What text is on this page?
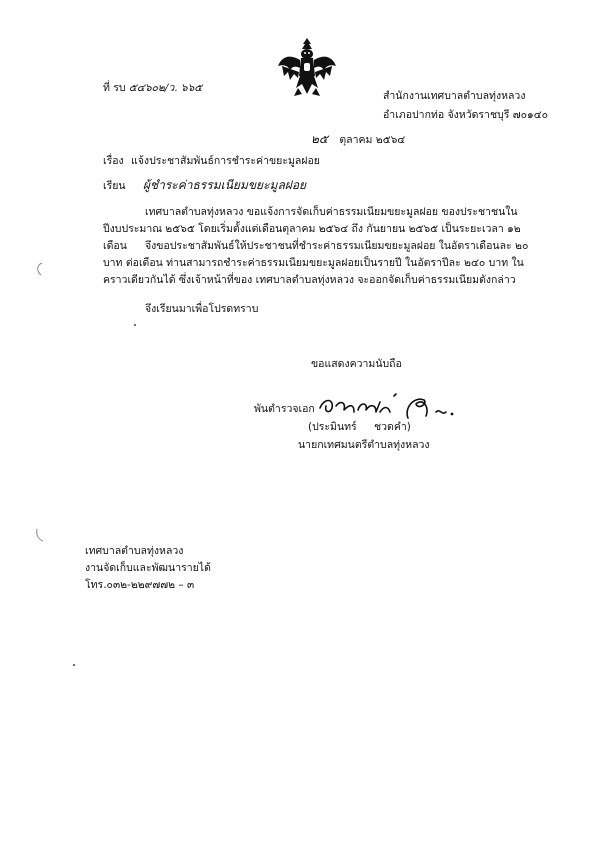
ที่ รบ ๕๔๖๐๒/ว. ๖๖๕
สำนักงานเทศบาลตำบลทุ่งหลวง
อำเภอปากท่อ จังหวัดราชบุรี ๗๐๑๔๐
๒๕ ตุลาคม ๒๕๖๔
เรื่อง แจ้งประชาสัมพันธ์การชำระค่าขยะมูลฝอย
เรียน ผู้ชำระค่าธรรมเนียมขยะมูลฝอย
เทศบาลตำบลทุ่งหลวง ขอแจ้งการจัดเก็บค่าธรรมเนียมขยะมูลฝอย ของประชาชนในปีงบประมาณ ๒๕๖๕ โดยเริ่มตั้งแต่เดือนตุลาคม ๒๕๖๔ ถึง กันยายน ๒๕๖๕ เป็นระยะเวลา ๑๒ เดือน	จึงขอประชาสัมพันธ์ให้ประชาชนที่ชำระค่าธรรมเนียมขยะมูลฝอย ในอัตราเดือนละ ๒๐ บาท ต่อเดือน ท่านสามารถชำระค่าธรรมเนียมขยะมูลฝอยเป็นรายปี ในอัตราปีละ ๒๔๐ บาท ในคราวเดียวกันได้ ซึ่งเจ้าหน้าที่ของ เทศบาลตำบลทุ่งหลวง จะออกจัดเก็บค่าธรรมเนียมดังกล่าว
จึงเรียนมาเพื่อโปรดทราบ
ขอแสดงความนับถือ
พันตำรวจเอก
(ประมินทร์ ชวดคำ)
นายกเทศมนตรีตำบลทุ่งหลวง
เทศบาลตำบลทุ่งหลวง
งานจัดเก็บและพัฒนารายได้
โทร.๐๓๒-๒๒๙๗๗๒ – ๓
